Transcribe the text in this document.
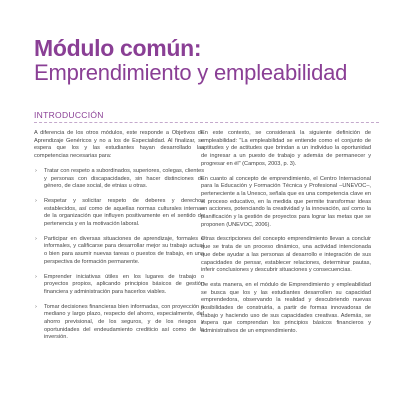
Módulo común:
Emprendimiento y empleabilidad
INTRODUCCIÓN

A diferencia de los otros módulos, este responde a Objetivos de Aprendizaje Genéricos y no a los de Especialidad. Al finalizar, se espera que los y las estudiantes hayan desarrollado las competencias necesarias para:

› Tratar con respeto a subordinados, superiores, colegas, clientes y personas con discapacidades, sin hacer distinciones de género, de clase social, de etnias u otras.
› Respetar y solicitar respeto de deberes y derechos establecidos, así como de aquellas normas culturales internas de la organización que influyen positivamente en el sentido de pertenencia y en la motivación laboral.
› Participar en diversas situaciones de aprendizaje, formales e informales, y calificarse para desarrollar mejor su trabajo actual o bien para asumir nuevas tareas o puestos de trabajo, en una perspectiva de formación permanente.
› Emprender iniciativas útiles en los lugares de trabajo o proyectos propios, aplicando principios básicos de gestión financiera y administración para hacerlos viables.
› Tomar decisiones financieras bien informadas, con proyección a mediano y largo plazo, respecto del ahorro, especialmente, del ahorro previsional, de los seguros, y de los riesgos y oportunidades del endeudamiento crediticio así como de la inversión.

En este contexto, se considerará la siguiente definición de empleabilidad: "La empleabilidad se entiende como el conjunto de aptitudes y de actitudes que brindan a un individuo la oportunidad de ingresar a un puesto de trabajo y además de permanecer y progresar en él" (Campos, 2003, p. 3).

En cuanto al concepto de emprendimiento, el Centro Internacional para la Educación y Formación Técnica y Profesional –UNEVOC–, perteneciente a la Unesco, señala que es una competencia clave en el proceso educativo, en la medida que permite transformar ideas en acciones, potenciando la creatividad y la innovación, así como la planificación y la gestión de proyectos para lograr las metas que se proponen (UNEVOC, 2006).

Otras descripciones del concepto emprendimiento llevan a concluir que se trata de un proceso dinámico, una actividad intencionada que debe ayudar a las personas al desarrollo e integración de sus capacidades de pensar, establecer relaciones, determinar pautas, inferir conclusiones y descubrir situaciones y consecuencias.

De esta manera, en el módulo de Emprendimiento y empleabilidad se busca que los y las estudiantes desarrollen su capacidad emprendedora, observando la realidad y descubriendo nuevas posibilidades de construirla, a partir de formas innovadoras de trabajo y haciendo uso de sus capacidades creativas. Además, se espera que comprendan los principios básicos financieros y administrativos de un emprendimiento.
